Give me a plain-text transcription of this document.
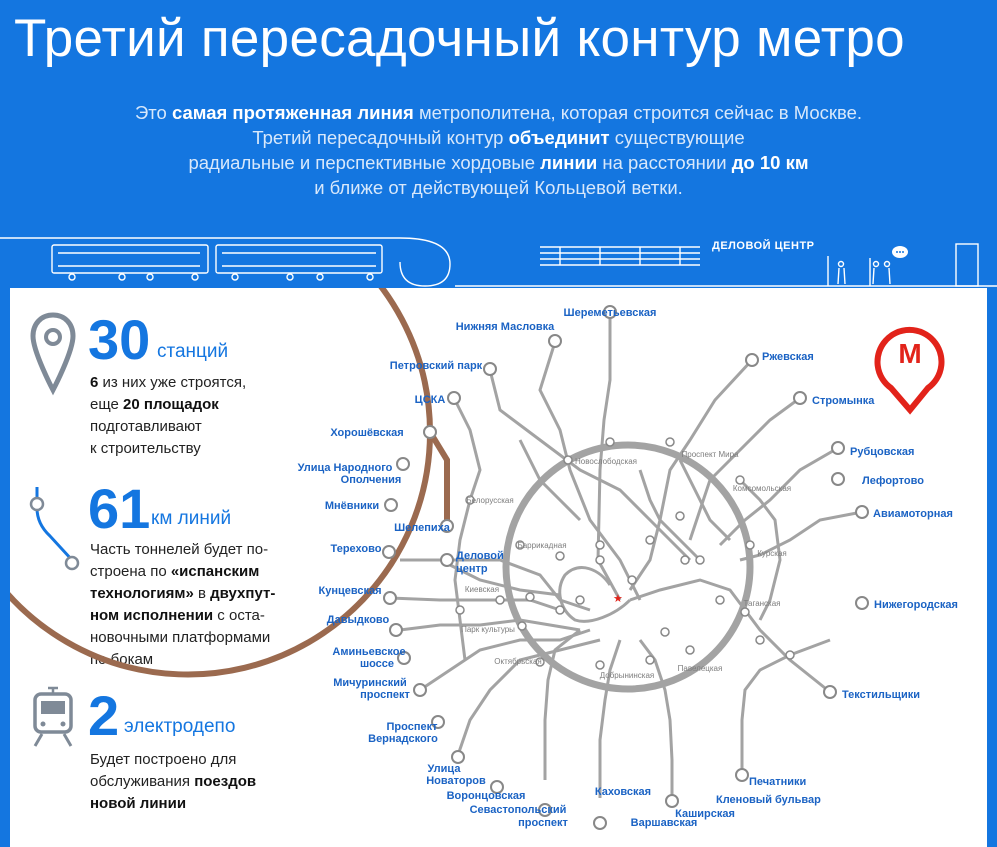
Третий пересадочный контур метро
Это самая протяженная линия метрополитена, которая строится сейчас в Москве.
Третий пересадочный контур объединит существующие
радиальные и перспективные хордовые линии на расстоянии до 10 км
и ближе от действующей Кольцевой ветки.
ДЕЛОВОЙ ЦЕНТР
30 станций
6 из них уже строятся,
еще 20 площадок
подготавливают
к строительству
61 км линий
Часть тоннелей будет по-
строена по «испанским
технологиям» в двухпут-
ном исполнении с оста-
новочными платформами
по бокам
2 электродепо
Будет построено для
обслуживания поездов
новой линии
★
М
Шереметьевская
Нижняя Масловка
Ржевская
Петровский парк
Стромынка
ЦСКА
Хорошёвская
Рубцовская
Улица Народного
Ополчения	Лефортово
Мнёвники
Авиамоторная
Шелепиха
Терехово
Деловой
центр
Кунцевская
Нижегородская
Давыдково
Аминьевское
шоссе
Мичуринский
проспект	Текстильщики
Проспект
Вернадского
Печатники
Улица
Новаторов
Кленовый бульвар
Каховская
Воронцовская
Севастопольский
проспект
Каширская
Варшавская
Новослободская
Проспект Мира
Белорусская
Комсомольская
Баррикадная
Курская
Киевская
Таганская
Парк культуры
Октябрьская
Павелецкая
Добрынинская
